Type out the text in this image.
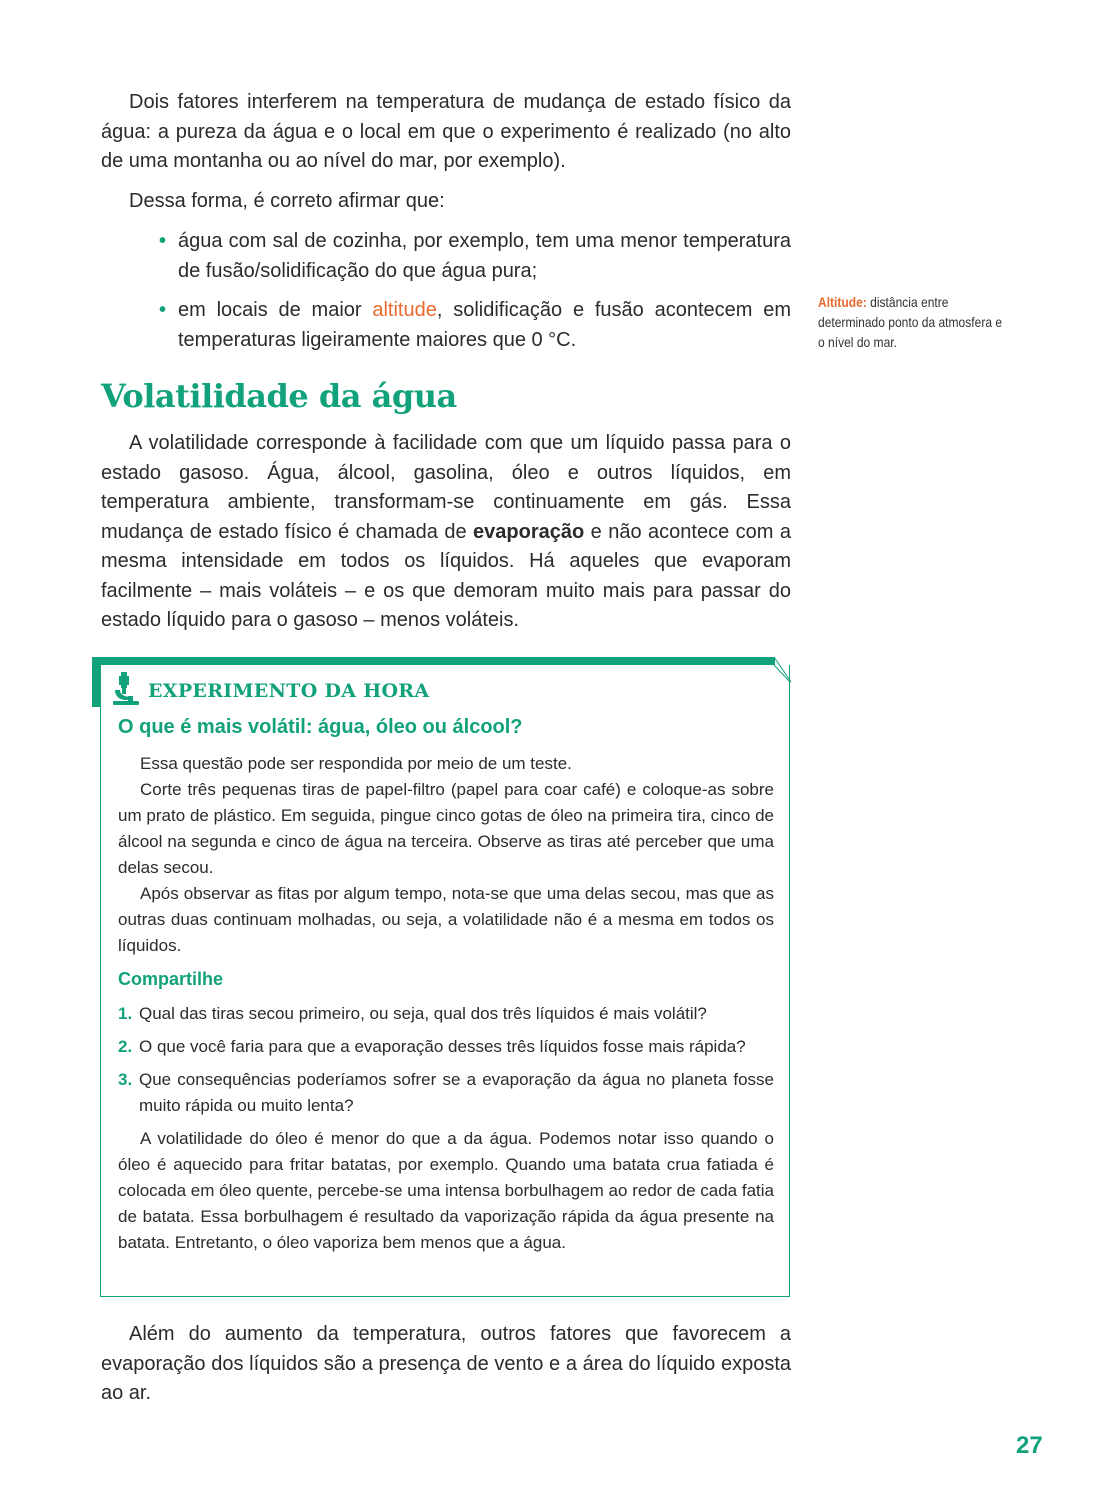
Dois fatores interferem na temperatura de mudança de estado físico da água: a pureza da água e o local em que o experimento é realizado (no alto de uma montanha ou ao nível do mar, por exemplo).

Dessa forma, é correto afirmar que:

• água com sal de cozinha, por exemplo, tem uma menor temperatura de fusão/solidificação do que água pura;
• em locais de maior altitude, solidificação e fusão acontecem em temperaturas ligeiramente maiores que 0 °C.
Altitude: distância entre determinado ponto da atmosfera e o nível do mar.
Volatilidade da água

A volatilidade corresponde à facilidade com que um líquido passa para o estado gasoso. Água, álcool, gasolina, óleo e outros líquidos, em temperatura ambiente, transformam-se continuamente em gás. Essa mudança de estado físico é chamada de evaporação e não acontece com a mesma intensidade em todos os líquidos. Há aqueles que evaporam facilmente – mais voláteis – e os que demoram muito mais para passar do estado líquido para o gasoso – menos voláteis.

EXPERIMENTO DA HORA

O que é mais volátil: água, óleo ou álcool?

Essa questão pode ser respondida por meio de um teste.

Corte três pequenas tiras de papel-filtro (papel para coar café) e coloque-as sobre um prato de plástico. Em seguida, pingue cinco gotas de óleo na primeira tira, cinco de álcool na segunda e cinco de água na terceira. Observe as tiras até perceber que uma delas secou.

Após observar as fitas por algum tempo, nota-se que uma delas secou, mas que as outras duas continuam molhadas, ou seja, a volatilidade não é a mesma em todos os líquidos.

Compartilhe

1. Qual das tiras secou primeiro, ou seja, qual dos três líquidos é mais volátil?
2. O que você faria para que a evaporação desses três líquidos fosse mais rápida?
3. Que consequências poderíamos sofrer se a evaporação da água no planeta fosse muito rápida ou muito lenta?

A volatilidade do óleo é menor do que a da água. Podemos notar isso quando o óleo é aquecido para fritar batatas, por exemplo. Quando uma batata crua fatiada é colocada em óleo quente, percebe-se uma intensa borbulhagem ao redor de cada fatia de batata. Essa borbulhagem é resultado da vaporização rápida da água presente na batata. Entretanto, o óleo vaporiza bem menos que a água.

Além do aumento da temperatura, outros fatores que favorecem a evaporação dos líquidos são a presença de vento e a área do líquido exposta ao ar.

27
